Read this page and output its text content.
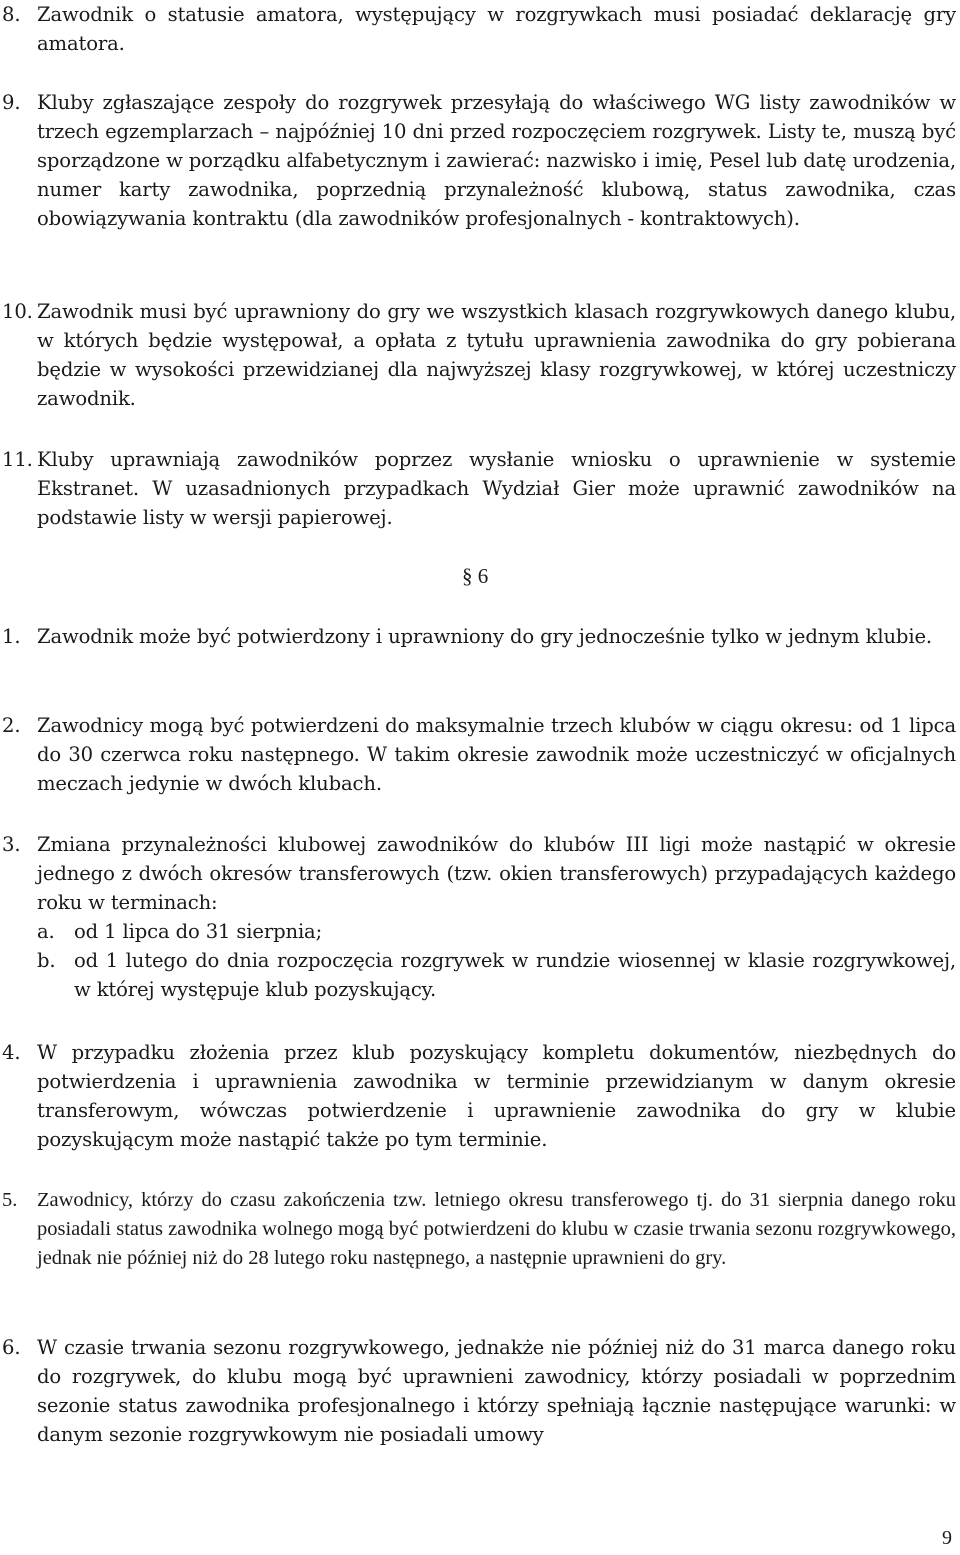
8. Zawodnik o statusie amatora, występujący w rozgrywkach musi posiadać deklarację gry amatora.
9. Kluby zgłaszające zespoły do rozgrywek przesyłają do właściwego WG listy zawodników w trzech egzemplarzach – najpóźniej 10 dni przed rozpoczęciem rozgrywek. Listy te, muszą być sporządzone w porządku alfabetycznym i zawierać: nazwisko i imię, Pesel lub datę urodzenia, numer karty zawodnika, poprzednią przynależność klubową, status zawodnika, czas obowiązywania kontraktu (dla zawodników profesjonalnych - kontraktowych).
10. Zawodnik musi być uprawniony do gry we wszystkich klasach rozgrywkowych danego klubu, w których będzie występował, a opłata z tytułu uprawnienia zawodnika do gry pobierana będzie w wysokości przewidzianej dla najwyższej klasy rozgrywkowej, w której uczestniczy zawodnik.
11. Kluby uprawniają zawodników poprzez wysłanie wniosku o uprawnienie w systemie Ekstranet. W uzasadnionych przypadkach Wydział Gier może uprawnić zawodników na podstawie listy w wersji papierowej.
§ 6
1. Zawodnik może być potwierdzony i uprawniony do gry jednocześnie tylko w jednym klubie.
2. Zawodnicy mogą być potwierdzeni do maksymalnie trzech klubów w ciągu okresu: od 1 lipca do 30 czerwca roku następnego. W takim okresie zawodnik może uczestniczyć w oficjalnych meczach jedynie w dwóch klubach.
3. Zmiana przynależności klubowej zawodników do klubów III ligi może nastąpić w okresie jednego z dwóch okresów transferowych (tzw. okien transferowych) przypadających każdego roku w terminach:
a. od 1 lipca do 31 sierpnia;
b. od 1 lutego do dnia rozpoczęcia rozgrywek w rundzie wiosennej w klasie rozgrywkowej, w której występuje klub pozyskujący.
4. W przypadku złożenia przez klub pozyskujący kompletu dokumentów, niezbędnych do potwierdzenia i uprawnienia zawodnika w terminie przewidzianym w danym okresie transferowym, wówczas potwierdzenie i uprawnienie zawodnika do gry w klubie pozyskującym może nastąpić także po tym terminie.
5. Zawodnicy, którzy do czasu zakończenia tzw. letniego okresu transferowego tj. do 31 sierpnia danego roku posiadali status zawodnika wolnego mogą być potwierdzeni do klubu w czasie trwania sezonu rozgrywkowego, jednak nie później niż do 28 lutego roku następnego, a następnie uprawnieni do gry.
6. W czasie trwania sezonu rozgrywkowego, jednakże nie później niż do 31 marca danego roku do rozgrywek, do klubu mogą być uprawnieni zawodnicy, którzy posiadali w poprzednim sezonie status zawodnika profesjonalnego i którzy spełniają łącznie następujące warunki: w danym sezonie rozgrywkowym nie posiadali umowy
9
